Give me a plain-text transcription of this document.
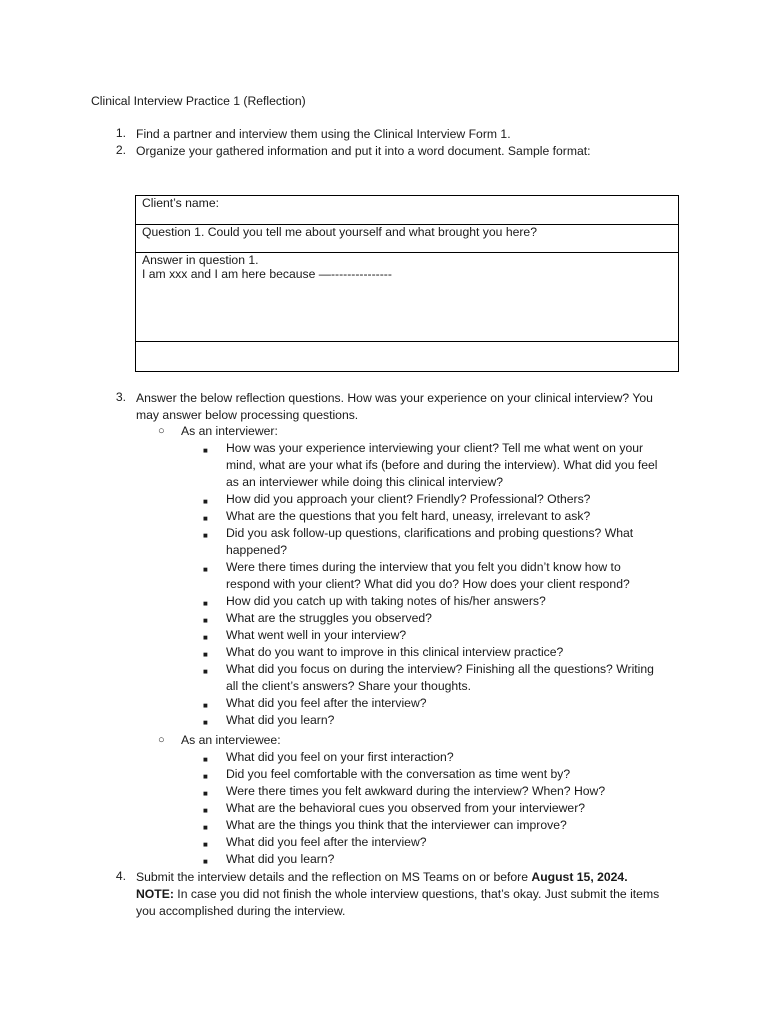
Clinical Interview Practice 1 (Reflection)
1. Find a partner and interview them using the Clinical Interview Form 1.
2. Organize your gathered information and put it into a word document. Sample format:
Client’s name:
Question 1. Could you tell me about yourself and what brought you here?

Answer in question 1.
I am xxx and I am here because —---------------

3. Answer the below reflection questions. How was your experience on your clinical interview? You
may answer below processing questions.
○ As an interviewer:
■ How was your experience interviewing your client? Tell me what went on your
mind, what are your what ifs (before and during the interview). What did you feel
as an interviewer while doing this clinical interview?
■ How did you approach your client? Friendly? Professional? Others?
■ What are the questions that you felt hard, uneasy, irrelevant to ask?
■ Did you ask follow-up questions, clarifications and probing questions? What
happened?
■ Were there times during the interview that you felt you didn’t know how to
respond with your client? What did you do? How does your client respond?
■ How did you catch up with taking notes of his/her answers?
■ What are the struggles you observed?
■ What went well in your interview?
■ What do you want to improve in this clinical interview practice?
■ What did you focus on during the interview? Finishing all the questions? Writing
all the client’s answers? Share your thoughts.
■ What did you feel after the interview?
■ What did you learn?
○ As an interviewee:
■ What did you feel on your first interaction?
■ Did you feel comfortable with the conversation as time went by?
■ Were there times you felt awkward during the interview? When? How?
■ What are the behavioral cues you observed from your interviewer?
■ What are the things you think that the interviewer can improve?
■ What did you feel after the interview?
■ What did you learn?
4. Submit the interview details and the reflection on MS Teams on or before August 15, 2024.
NOTE: In case you did not finish the whole interview questions, that’s okay. Just submit the items
you accomplished during the interview.
